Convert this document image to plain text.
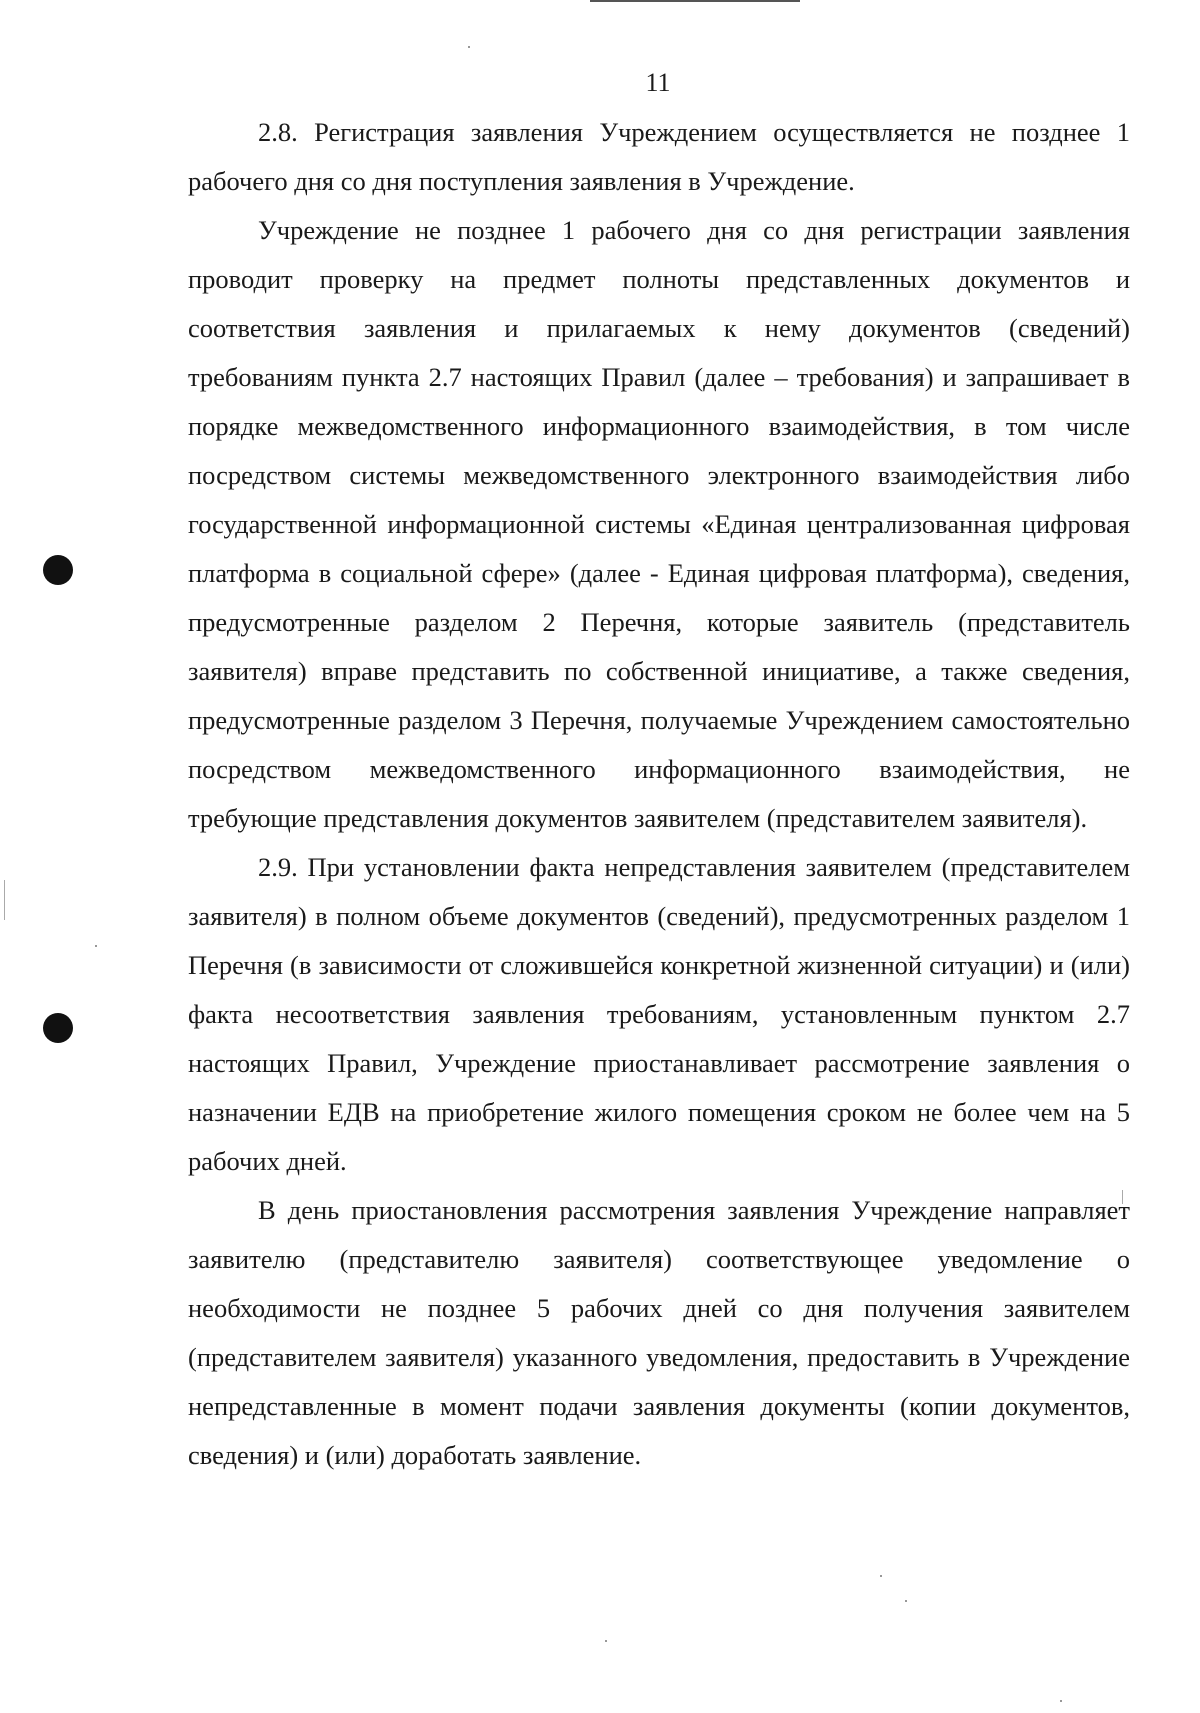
11

2.8. Регистрация заявления Учреждением осуществляется не позднее 1 рабочего дня со дня поступления заявления в Учреждение.

Учреждение не позднее 1 рабочего дня со дня регистрации заявления проводит проверку на предмет полноты представленных документов и соответствия заявления и прилагаемых к нему документов (сведений) требованиям пункта 2.7 настоящих Правил (далее – требования) и запрашивает в порядке межведомственного информационного взаимодействия, в том числе посредством системы межведомственного электронного взаимодействия либо государственной информационной системы «Единая централизованная цифровая платформа в социальной сфере» (далее - Единая цифровая платформа), сведения, предусмотренные разделом 2 Перечня, которые заявитель (представитель заявителя) вправе представить по собственной инициативе, а также сведения, предусмотренные разделом 3 Перечня, получаемые Учреждением самостоятельно посредством межведомственного информационного взаимодействия, не требующие представления документов заявителем (представителем заявителя).

2.9. При установлении факта непредставления заявителем (представителем заявителя) в полном объеме документов (сведений), предусмотренных разделом 1 Перечня (в зависимости от сложившейся конкретной жизненной ситуации) и (или) факта несоответствия заявления требованиям, установленным пунктом 2.7 настоящих Правил, Учреждение приостанавливает рассмотрение заявления о назначении ЕДВ на приобретение жилого помещения сроком не более чем на 5 рабочих дней.

В день приостановления рассмотрения заявления Учреждение направляет заявителю (представителю заявителя) соответствующее уведомление о необходимости не позднее 5 рабочих дней со дня получения заявителем (представителем заявителя) указанного уведомления, предоставить в Учреждение непредставленные в момент подачи заявления документы (копии документов, сведения) и (или) доработать заявление.
